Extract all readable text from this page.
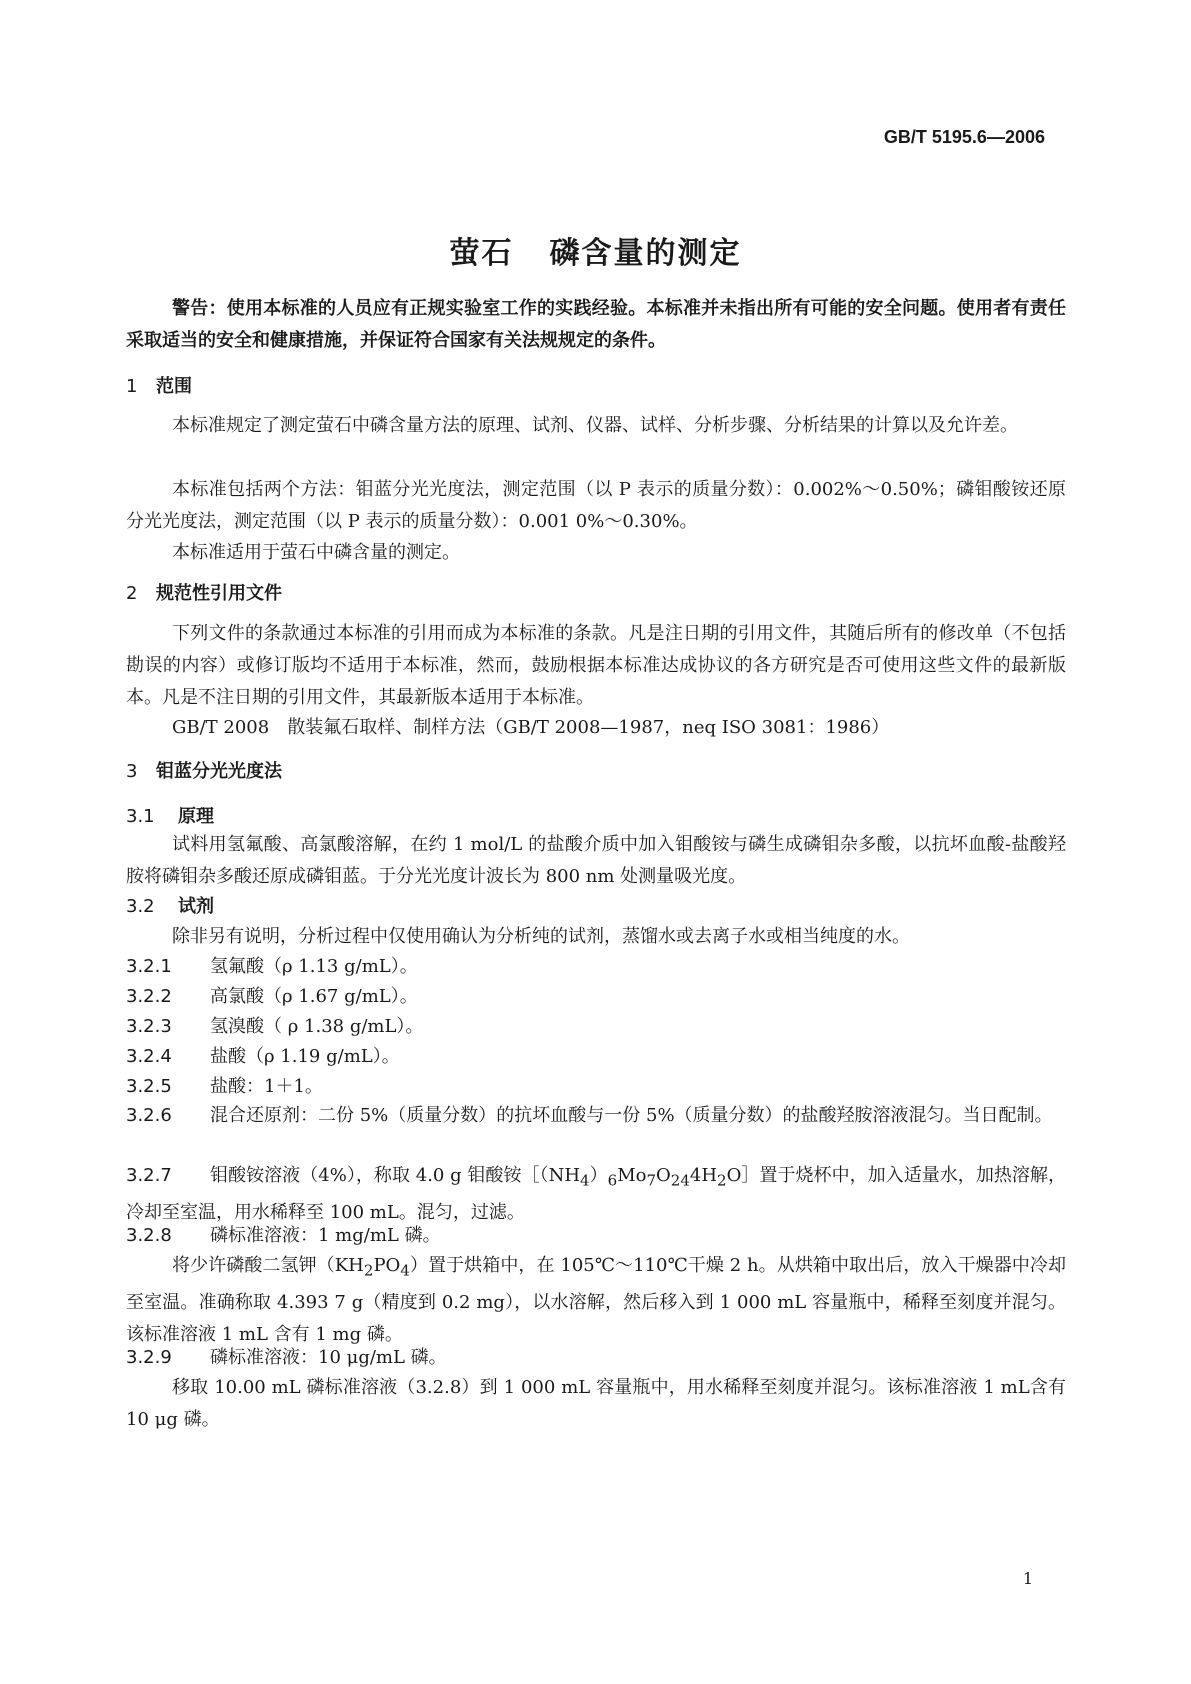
GB/T 5195.6—2006
萤石 磷含量的测定
警告：使用本标准的人员应有正规实验室工作的实践经验。本标准并未指出所有可能的安全问题。使用者有责任采取适当的安全和健康措施，并保证符合国家有关法规规定的条件。
1 范围
本标准规定了测定萤石中磷含量方法的原理、试剂、仪器、试样、分析步骤、分析结果的计算以及允许差。
本标准包括两个方法：钼蓝分光光度法，测定范围（以 P 表示的质量分数）：0.002%～0.50%；磷钼酸铵还原分光光度法，测定范围（以 P 表示的质量分数）：0.001 0%～0.30%。
本标准适用于萤石中磷含量的测定。
2 规范性引用文件
下列文件的条款通过本标准的引用而成为本标准的条款。凡是注日期的引用文件，其随后所有的修改单（不包括勘误的内容）或修订版均不适用于本标准，然而，鼓励根据本标准达成协议的各方研究是否可使用这些文件的最新版本。凡是不注日期的引用文件，其最新版本适用于本标准。
GB/T 2008　散装氟石取样、制样方法（GB/T 2008—1987，neq ISO 3081：1986）
3 钼蓝分光光度法
3.1 原理
试料用氢氟酸、高氯酸溶解，在约 1 mol/L 的盐酸介质中加入钼酸铵与磷生成磷钼杂多酸，以抗坏血酸-盐酸羟胺将磷钼杂多酸还原成磷钼蓝。于分光光度计波长为 800 nm 处测量吸光度。
3.2 试剂
除非另有说明，分析过程中仅使用确认为分析纯的试剂，蒸馏水或去离子水或相当纯度的水。
3.2.1 氢氟酸（ρ 1.13 g/mL）。
3.2.2 高氯酸（ρ 1.67 g/mL）。
3.2.3 氢溴酸（ ρ 1.38 g/mL）。
3.2.4 盐酸（ρ 1.19 g/mL）。
3.2.5 盐酸：1＋1。
3.2.6 混合还原剂：二份 5%（质量分数）的抗坏血酸与一份 5%（质量分数）的盐酸羟胺溶液混匀。当日配制。
3.2.7 钼酸铵溶液（4%），称取 4.0 g 钼酸铵$[(NH_4)_6Mo_7O_{24}4H_2O]$置于烧杯中，加入适量水，加热溶解，冷却至室温，用水稀释至 100 mL。混匀，过滤。
3.2.8 磷标准溶液：1 mg/mL 磷。
将少许磷酸二氢钾$(KH_2PO_4)$置于烘箱中，在 105℃～110℃干燥 2 h。从烘箱中取出后，放入干燥器中冷却至室温。准确称取 4.393 7 g（精度到 0.2 mg），以水溶解，然后移入到 1 000 mL 容量瓶中，稀释至刻度并混匀。该标准溶液 1 mL 含有 1 mg 磷。
3.2.9 磷标准溶液：10 μg/mL 磷。
移取 10.00 mL 磷标准溶液（3.2.8）到 1 000 mL 容量瓶中，用水稀释至刻度并混匀。该标准溶液 1 mL含有 10 μg 磷。
1
